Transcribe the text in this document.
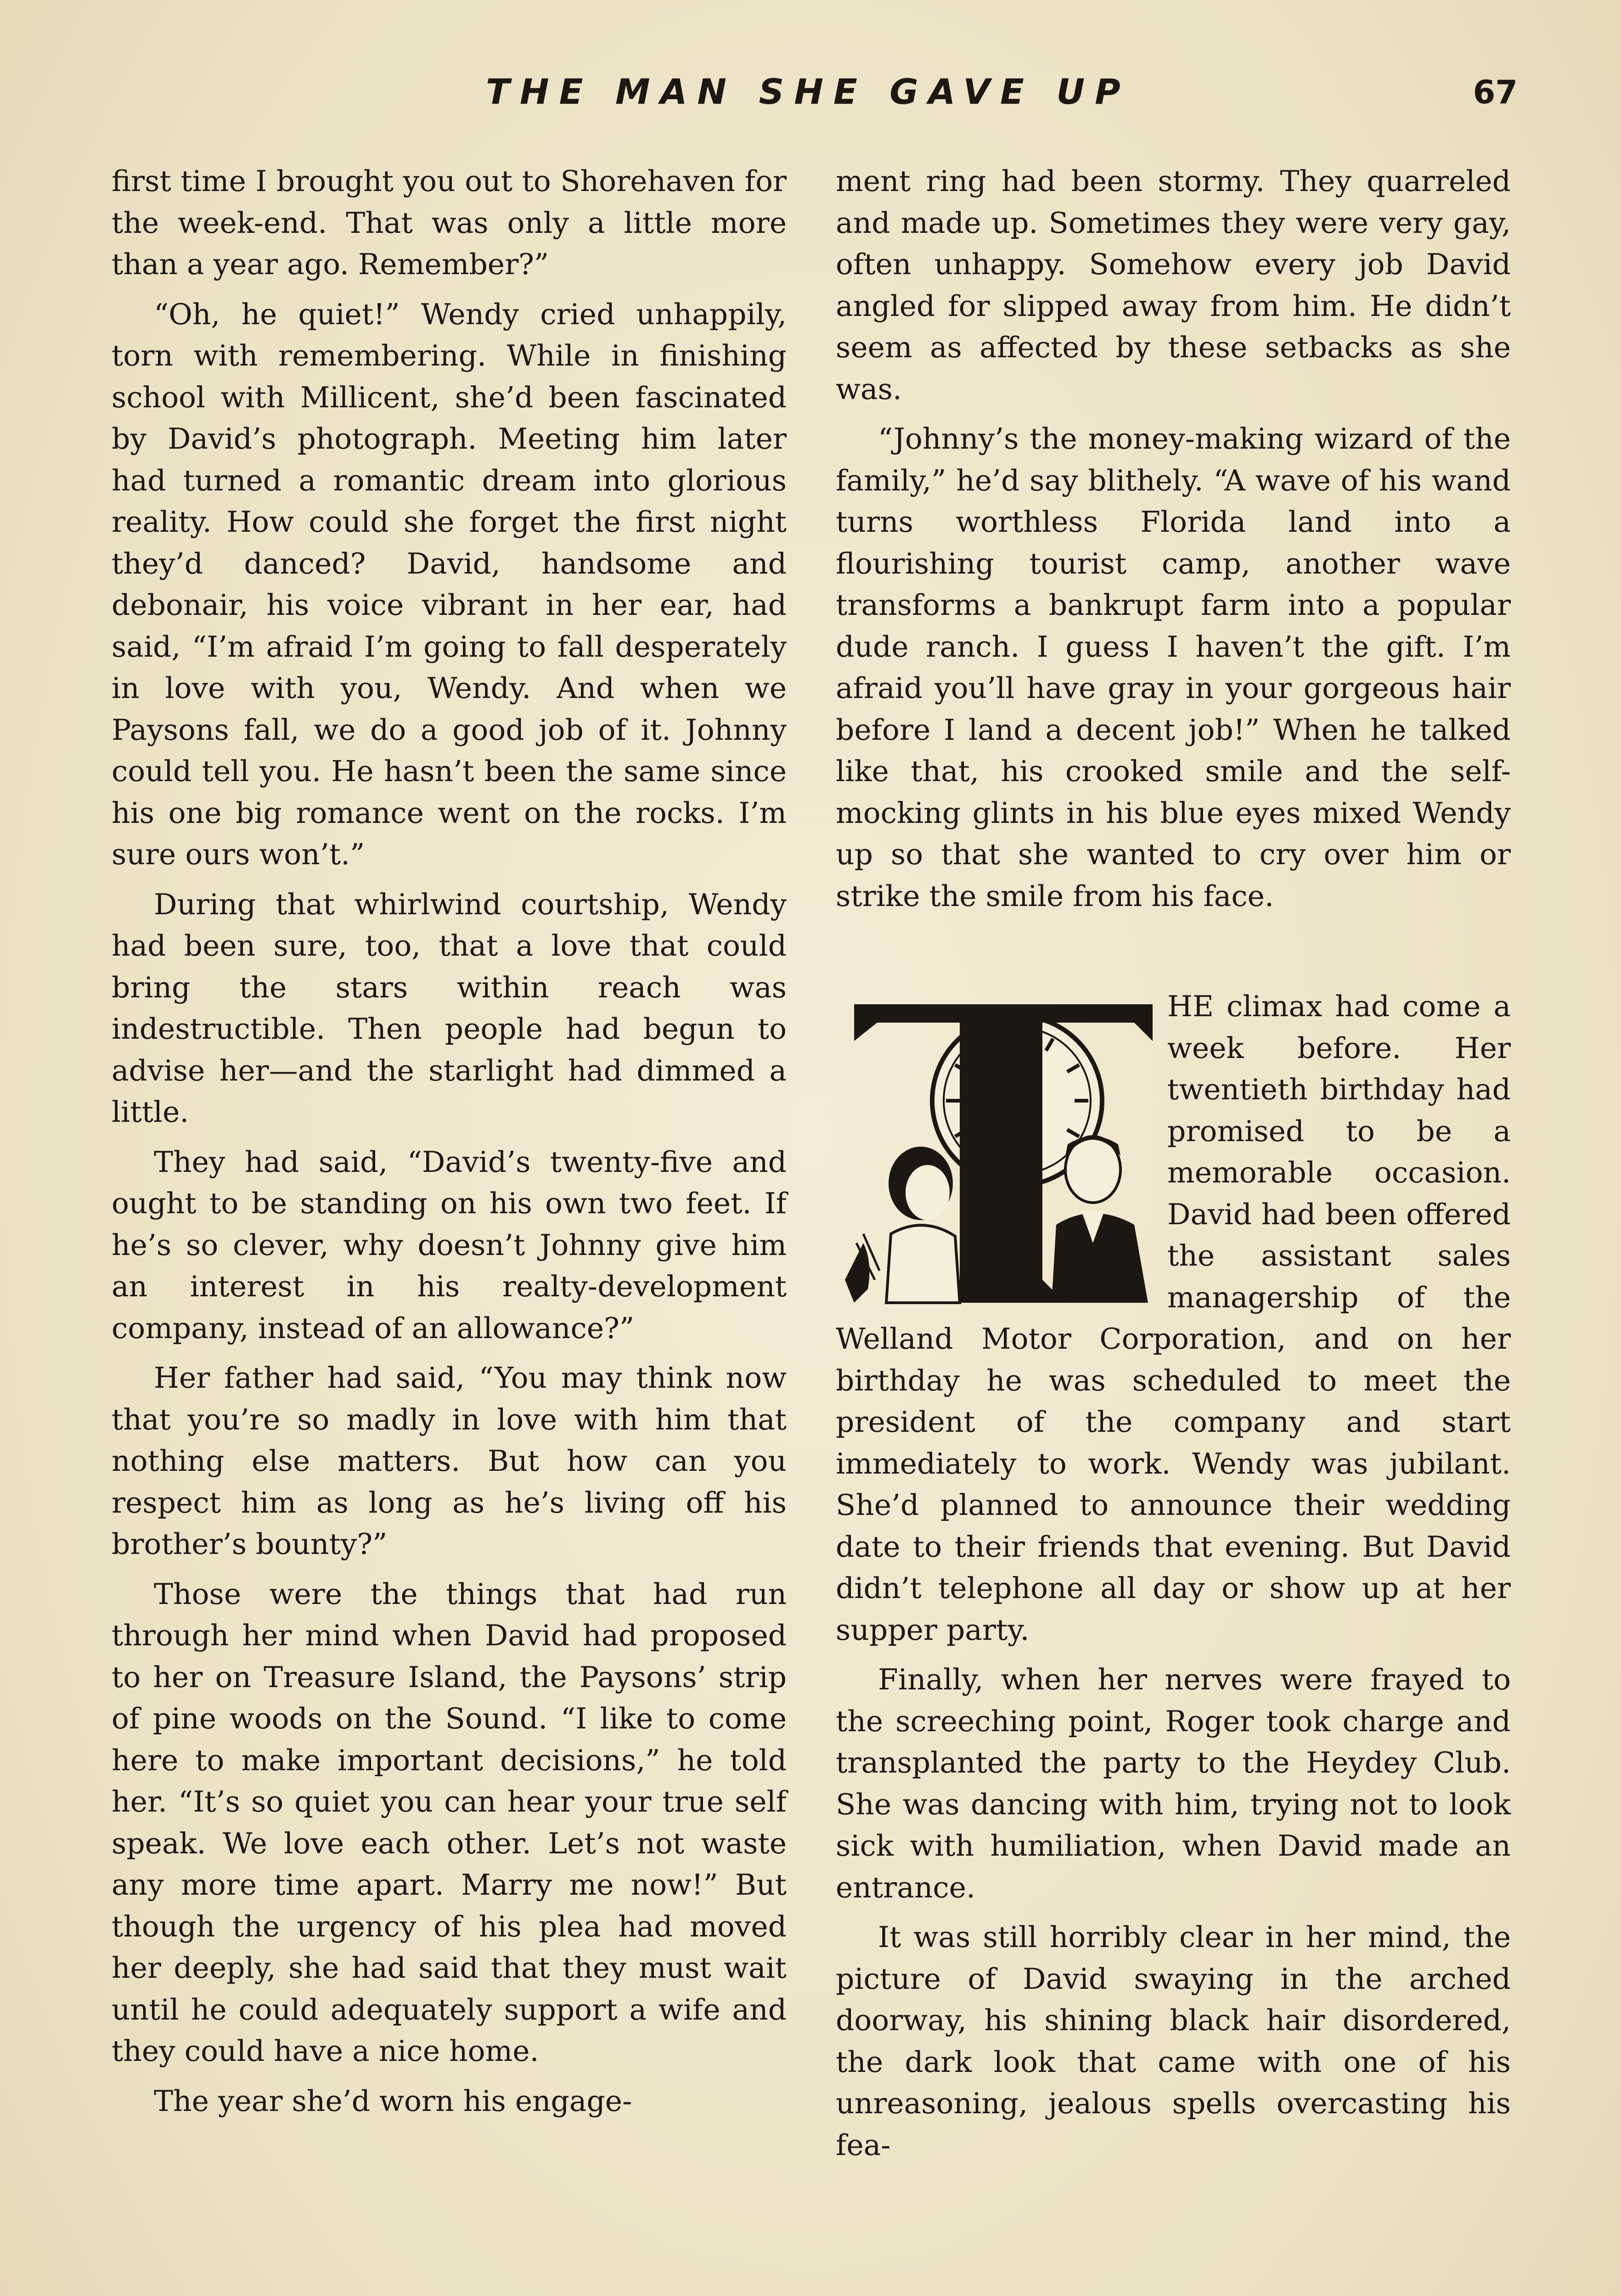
THE MAN SHE GAVE UP	67

first time I brought you out to Shorehaven for the week-end. That was only a little more than a year ago. Remember?”

“Oh, he quiet!” Wendy cried unhappily, torn with remembering. While in finishing school with Millicent, she’d been fascinated by David’s photograph. Meeting him later had turned a romantic dream into glorious reality. How could she forget the first night they’d danced? David, handsome and debonair, his voice vibrant in her ear, had said, “I’m afraid I’m going to fall desperately in love with you, Wendy. And when we Paysons fall, we do a good job of it. Johnny could tell you. He hasn’t been the same since his one big romance went on the rocks. I’m sure ours won’t.”

During that whirlwind courtship, Wendy had been sure, too, that a love that could bring the stars within reach was indestructible. Then people had begun to advise her—and the starlight had dimmed a little.

They had said, “David’s twenty-five and ought to be standing on his own two feet. If he’s so clever, why doesn’t Johnny give him an interest in his realty-development company, instead of an allowance?”

Her father had said, “You may think now that you’re so madly in love with him that nothing else matters. But how can you respect him as long as he’s living off his brother’s bounty?”

Those were the things that had run through her mind when David had proposed to her on Treasure Island, the Paysons’ strip of pine woods on the Sound. “I like to come here to make important decisions,” he told her. “It’s so quiet you can hear your true self speak. We love each other. Let’s not waste any more time apart. Marry me now!” But though the urgency of his plea had moved her deeply, she had said that they must wait until he could adequately support a wife and they could have a nice home.

The year she’d worn his engage-

ment ring had been stormy. They quarreled and made up. Sometimes they were very gay, often unhappy. Somehow every job David angled for slipped away from him. He didn’t seem as affected by these setbacks as she was.

“Johnny’s the money-making wizard of the family,” he’d say blithely. “A wave of his wand turns worthless Florida land into a flourishing tourist camp, another wave transforms a bankrupt farm into a popular dude ranch. I guess I haven’t the gift. I’m afraid you’ll have gray in your gorgeous hair before I land a decent job!” When he talked like that, his crooked smile and the self-mocking glints in his blue eyes mixed Wendy up so that she wanted to cry over him or strike the smile from his face.

HE climax had come a week before. Her twentieth birthday had promised to be a memorable occasion. David had been offered the assistant sales managership of the Welland Motor Corporation, and on her birthday he was scheduled to meet the president of the company and start immediately to work. Wendy was jubilant. She’d planned to announce their wedding date to their friends that evening. But David didn’t telephone all day or show up at her supper party.

Finally, when her nerves were frayed to the screeching point, Roger took charge and transplanted the party to the Heydey Club. She was dancing with him, trying not to look sick with humiliation, when David made an entrance.

It was still horribly clear in her mind, the picture of David swaying in the arched doorway, his shining black hair disordered, the dark look that came with one of his unreasoning, jealous spells overcasting his fea-
